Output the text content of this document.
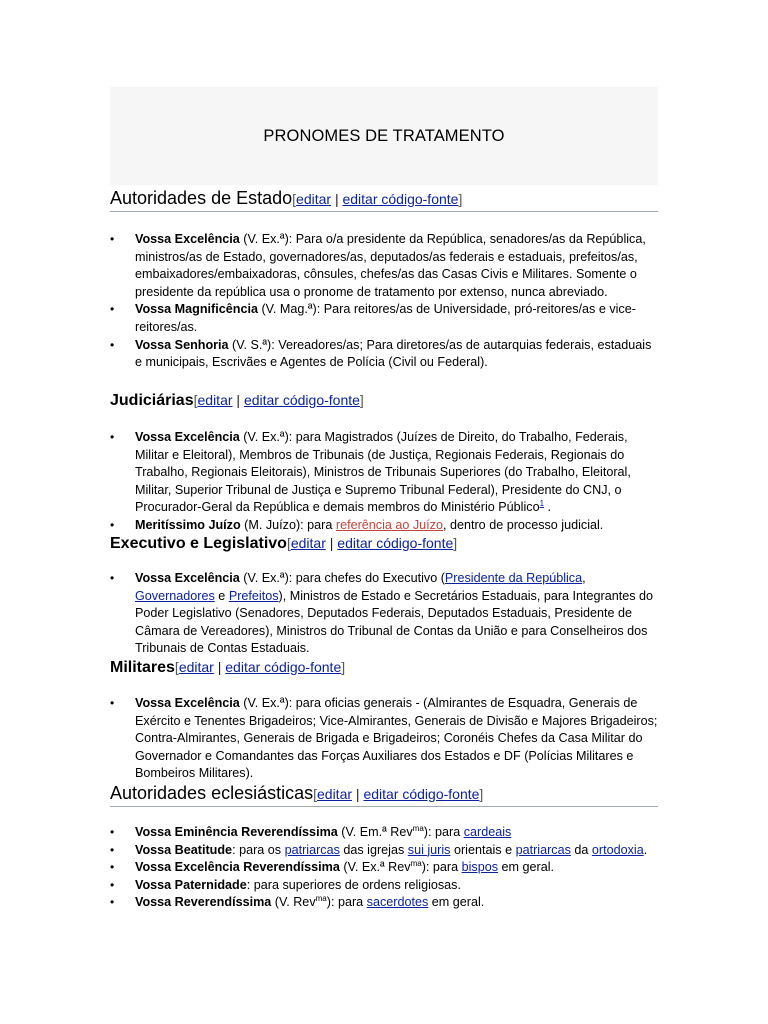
PRONOMES DE TRATAMENTO
Autoridades de Estado[editar | editar código-fonte]
• Vossa Excelência (V. Ex.ª): Para o/a presidente da República, senadores/as da República, ministros/as de Estado, governadores/as, deputados/as federais e estaduais, prefeitos/as, embaixadores/embaixadoras, cônsules, chefes/as das Casas Civis e Militares. Somente o presidente da república usa o pronome de tratamento por extenso, nunca abreviado.
• Vossa Magnificência (V. Mag.ª): Para reitores/as de Universidade, pró-reitores/as e vice-reitores/as.
• Vossa Senhoria (V. S.ª): Vereadores/as; Para diretores/as de autarquias federais, estaduais e municipais, Escrivães e Agentes de Polícia (Civil ou Federal).
Judiciárias[editar | editar código-fonte]
• Vossa Excelência (V. Ex.ª): para Magistrados (Juízes de Direito, do Trabalho, Federais, Militar e Eleitoral), Membros de Tribunais (de Justiça, Regionais Federais, Regionais do Trabalho, Regionais Eleitorais), Ministros de Tribunais Superiores (do Trabalho, Eleitoral, Militar, Superior Tribunal de Justiça e Supremo Tribunal Federal), Presidente do CNJ, o Procurador-Geral da República e demais membros do Ministério Público$^1$ .
• Meritíssimo Juízo (M. Juízo): para referência ao Juízo, dentro de processo judicial.
Executivo e Legislativo[editar | editar código-fonte]
• Vossa Excelência (V. Ex.ª): para chefes do Executivo (Presidente da República, Governadores e Prefeitos), Ministros de Estado e Secretários Estaduais, para Integrantes do Poder Legislativo (Senadores, Deputados Federais, Deputados Estaduais, Presidente de Câmara de Vereadores), Ministros do Tribunal de Contas da União e para Conselheiros dos Tribunais de Contas Estaduais.
Militares[editar | editar código-fonte]
• Vossa Excelência (V. Ex.ª): para oficias generais - (Almirantes de Esquadra, Generais de Exército e Tenentes Brigadeiros; Vice-Almirantes, Generais de Divisão e Majores Brigadeiros; Contra-Almirantes, Generais de Brigada e Brigadeiros; Coronéis Chefes da Casa Militar do Governador e Comandantes das Forças Auxiliares dos Estados e DF (Polícias Militares e Bombeiros Militares).
Autoridades eclesiásticas[editar | editar código-fonte]
• Vossa Eminência Reverendíssima (V. Em.ª Rev$^{ma}$): para cardeais
• Vossa Beatitude: para os patriarcas das igrejas sui juris orientais e patriarcas da ortodoxia.
• Vossa Excelência Reverendíssima (V. Ex.ª Rev$^{ma}$): para bispos em geral.
• Vossa Paternidade: para superiores de ordens religiosas.
• Vossa Reverendíssima (V. Rev$^{ma}$): para sacerdotes em geral.
